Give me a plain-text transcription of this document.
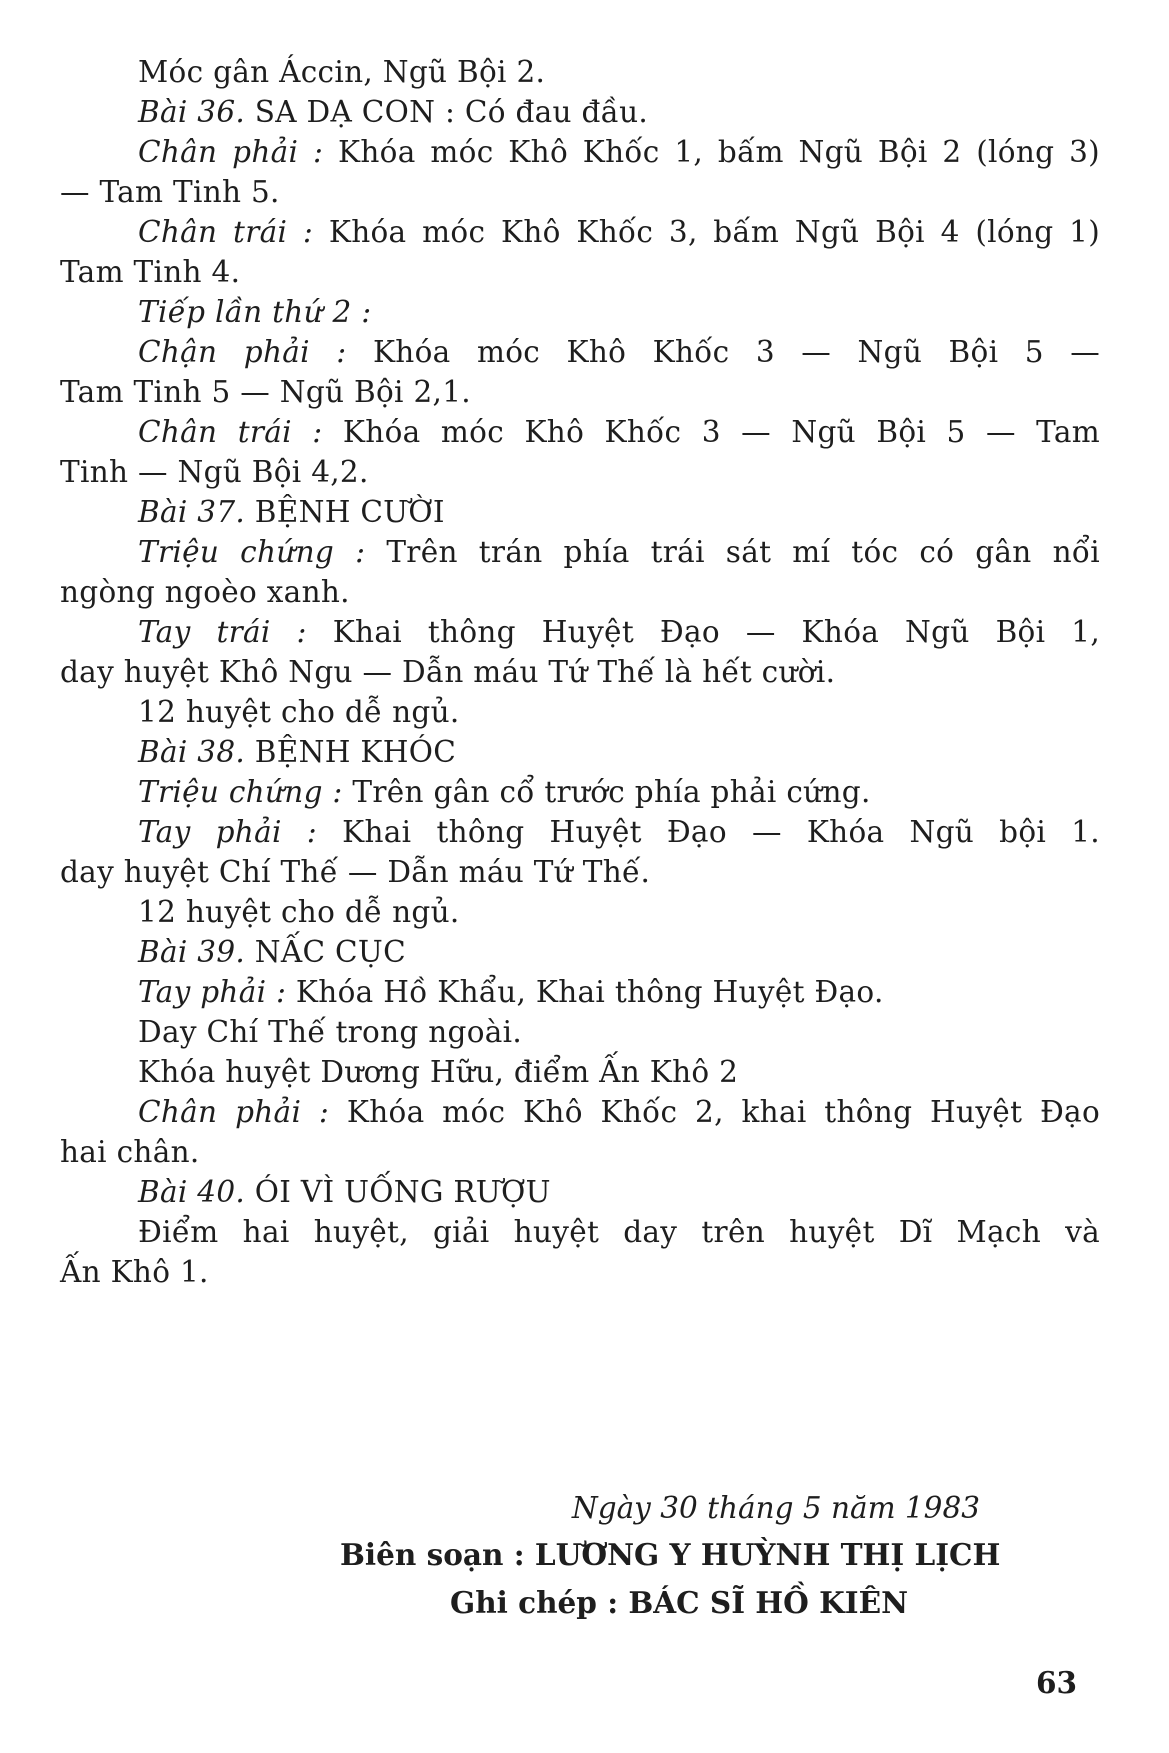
Móc gân Áccin, Ngũ Bội 2.

Bài 36. SA DẠ CON : Có đau đầu.

Chân phải : Khóa móc Khô Khốc 1, bấm Ngũ Bội 2 (lóng 3)

— Tam Tinh 5.

Chân trái : Khóa móc Khô Khốc 3, bấm Ngũ Bội 4 (lóng 1)

Tam Tinh 4.

Tiếp lần thứ 2 :

Chận phải : Khóa móc Khô Khốc 3 — Ngũ Bội 5 —

Tam Tinh 5 — Ngũ Bội 2,1.

Chân trái : Khóa móc Khô Khốc 3 — Ngũ Bội 5 — Tam

Tinh — Ngũ Bội 4,2.

Bài 37. BỆNH CƯỜI

Triệu chứng : Trên trán phía trái sát mí tóc có gân nổi

ngòng ngoèo xanh.

Tay trái : Khai thông Huyệt Đạo — Khóa Ngũ Bội 1,

day huyệt Khô Ngu — Dẫn máu Tứ Thế là hết cười.

12 huyệt cho dễ ngủ.

Bài 38. BỆNH KHÓC

Triệu chứng : Trên gân cổ trước phía phải cứng.

Tay phải : Khai thông Huyệt Đạo — Khóa Ngũ bội 1.

day huyệt Chí Thế — Dẫn máu Tứ Thế.

12 huyệt cho dễ ngủ.

Bài 39. NẤC CỤC

Tay phải : Khóa Hồ Khẩu, Khai thông Huyệt Đạo.

Day Chí Thế trong ngoài.

Khóa huyệt Dương Hữu, điểm Ấn Khô 2

Chân phải : Khóa móc Khô Khốc 2, khai thông Huyệt Đạo

hai chân.

Bài 40. ÓI VÌ UỐNG RƯỢU

Điểm hai huyệt, giải huyệt day trên huyệt Dĩ Mạch và

Ấn Khô 1.

Ngày 30 tháng 5 năm 1983
Biên soạn : LƯƠNG Y HUỲNH THỊ LỊCH
Ghi chép : BÁC SĨ HỒ KIÊN
63
